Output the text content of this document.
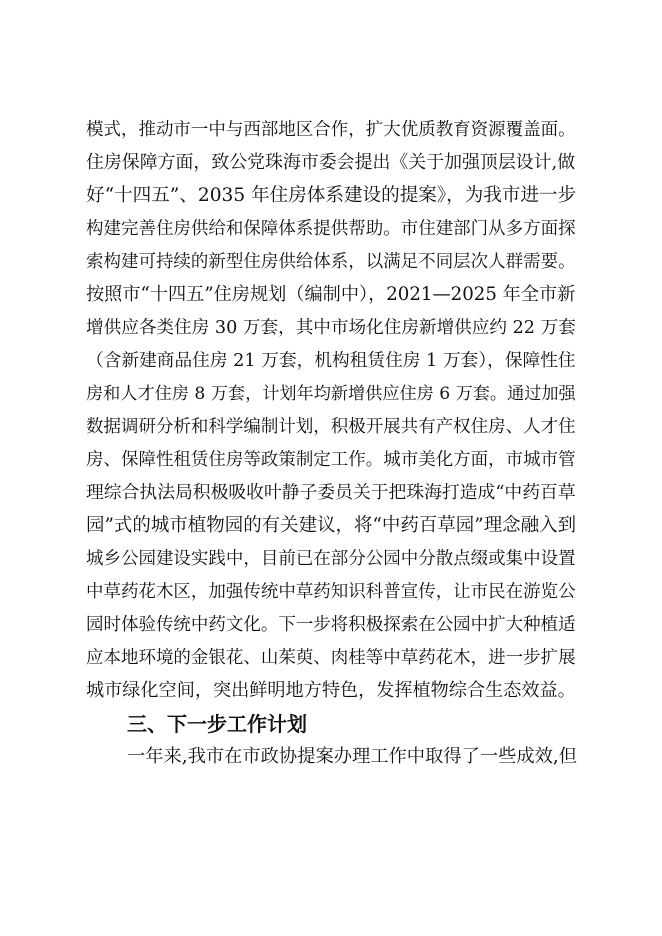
模式，推动市一中与西部地区合作，扩大优质教育资源覆盖面。
住房保障方面，致公党珠海市委会提出《关于加强顶层设计,做
好“十四五”、2035 年住房体系建设的提案》，为我市进一步
构建完善住房供给和保障体系提供帮助。市住建部门从多方面探
索构建可持续的新型住房供给体系，以满足不同层次人群需要。
按照市“十四五”住房规划（编制中），2021—2025 年全市新
增供应各类住房 30 万套，其中市场化住房新增供应约 22 万套
（含新建商品住房 21 万套，机构租赁住房 1 万套），保障性住
房和人才住房 8 万套，计划年均新增供应住房 6 万套。通过加强
数据调研分析和科学编制计划，积极开展共有产权住房、人才住
房、保障性租赁住房等政策制定工作。城市美化方面，市城市管
理综合执法局积极吸收叶静子委员关于把珠海打造成“中药百草
园”式的城市植物园的有关建议，将“中药百草园”理念融入到
城乡公园建设实践中，目前已在部分公园中分散点缀或集中设置
中草药花木区，加强传统中草药知识科普宣传，让市民在游览公
园时体验传统中药文化。下一步将积极探索在公园中扩大种植适
应本地环境的金银花、山茱萸、肉桂等中草药花木，进一步扩展
城市绿化空间，突出鲜明地方特色，发挥植物综合生态效益。
三、下一步工作计划
一年来,我市在市政协提案办理工作中取得了一些成效,但
